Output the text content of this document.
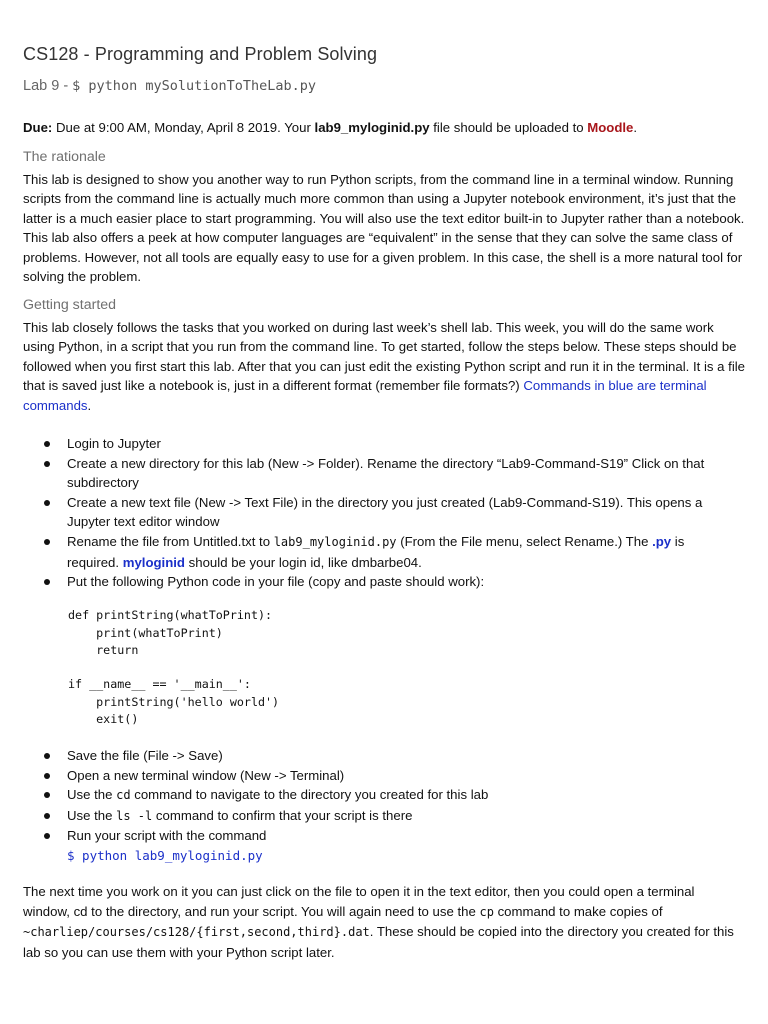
CS128 - Programming and Problem Solving
Lab 9 - $ python mySolutionToTheLab.py
Due: Due at 9:00 AM, Monday, April 8 2019. Your lab9_myloginid.py file should be uploaded to Moodle.
The rationale
This lab is designed to show you another way to run Python scripts, from the command line in a terminal window. Running scripts from the command line is actually much more common than using a Jupyter notebook environment, it’s just that the latter is a much easier place to start programming. You will also use the text editor built-in to Jupyter rather than a notebook. This lab also offers a peek at how computer languages are “equivalent” in the sense that they can solve the same class of problems. However, not all tools are equally easy to use for a given problem. In this case, the shell is a more natural tool for solving the problem.
Getting started
This lab closely follows the tasks that you worked on during last week’s shell lab. This week, you will do the same work using Python, in a script that you run from the command line. To get started, follow the steps below. These steps should be followed when you first start this lab. After that you can just edit the existing Python script and run it in the terminal. It is a file that is saved just like a notebook is, just in a different format (remember file formats?) Commands in blue are terminal commands.
Login to Jupyter
Create a new directory for this lab (New -> Folder). Rename the directory “Lab9-Command-S19” Click on that subdirectory
Create a new text file (New -> Text File) in the directory you just created (Lab9-Command-S19). This opens a Jupyter text editor window
Rename the file from Untitled.txt to lab9_myloginid.py (From the File menu, select Rename.) The .py is required. myloginid should be your login id, like dmbarbe04.
Put the following Python code in your file (copy and paste should work):
def printString(whatToPrint):
print(whatToPrint)
return
if __name__ == '__main__':
printString('hello world')
exit()
Save the file (File -> Save)
Open a new terminal window (New -> Terminal)
Use the cd command to navigate to the directory you created for this lab
Use the ls -l command to confirm that your script is there
Run your script with the command
$ python lab9_myloginid.py
The next time you work on it you can just click on the file to open it in the text editor, then you could open a terminal window, cd to the directory, and run your script. You will again need to use the cp command to make copies of ~charliep/courses/cs128/{first,second,third}.dat. These should be copied into the directory you created for this lab so you can use them with your Python script later.
